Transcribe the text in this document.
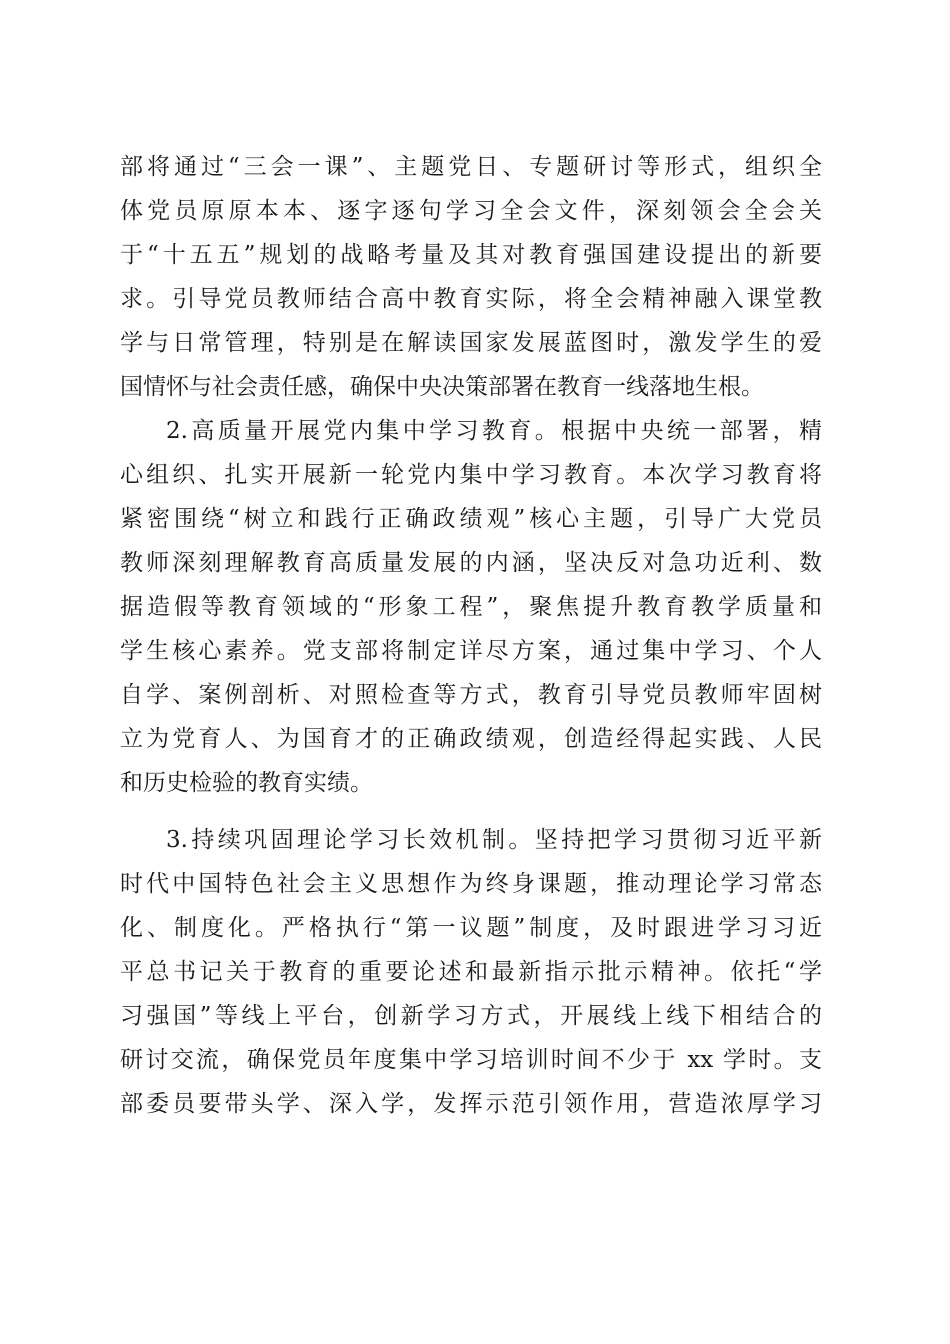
部将通过“三会一课”、主题党日、专题研讨等形式，组织全
体党员原原本本、逐字逐句学习全会文件，深刻领会全会关
于“十五五”规划的战略考量及其对教育强国建设提出的新要
求。引导党员教师结合高中教育实际，将全会精神融入课堂教
学与日常管理，特别是在解读国家发展蓝图时，激发学生的爱
国情怀与社会责任感，确保中央决策部署在教育一线落地生根。
2.高质量开展党内集中学习教育。根据中央统一部署，精
心组织、扎实开展新一轮党内集中学习教育。本次学习教育将
紧密围绕“树立和践行正确政绩观”核心主题，引导广大党员
教师深刻理解教育高质量发展的内涵，坚决反对急功近利、数
据造假等教育领域的“形象工程”，聚焦提升教育教学质量和
学生核心素养。党支部将制定详尽方案，通过集中学习、个人
自学、案例剖析、对照检查等方式，教育引导党员教师牢固树
立为党育人、为国育才的正确政绩观，创造经得起实践、人民
和历史检验的教育实绩。
3.持续巩固理论学习长效机制。坚持把学习贯彻习近平新
时代中国特色社会主义思想作为终身课题，推动理论学习常态
化、制度化。严格执行“第一议题”制度，及时跟进学习习近
平总书记关于教育的重要论述和最新指示批示精神。依托“学
习强国”等线上平台，创新学习方式，开展线上线下相结合的
研讨交流，确保党员年度集中学习培训时间不少于 xx 学时。支
部委员要带头学、深入学，发挥示范引领作用，营造浓厚学习
